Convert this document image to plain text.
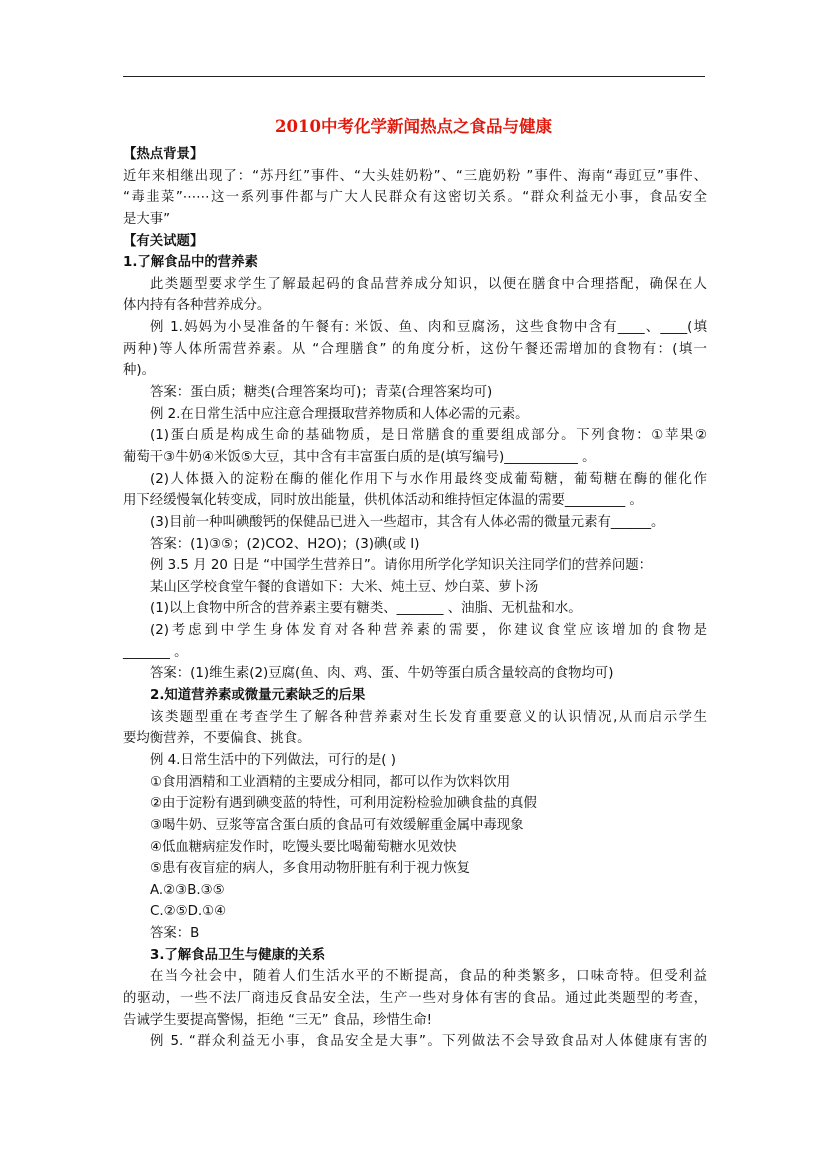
2010中考化学新闻热点之食品与健康
【热点背景】
近年来相继出现了：“苏丹红”事件、“大头娃奶粉”、“三鹿奶粉 ”事件、海南“毒豇豆”事件、
“毒韭菜”⋯⋯这一系列事件都与广大人民群众有这密切关系。“群众利益无小事，食品安全
是大事”
【有关试题】
1.了解食品中的营养素
此类题型要求学生了解最起码的食品营养成分知识，以便在膳食中合理搭配，确保在人
体内持有各种营养成分。
例 1.妈妈为小旻准备的午餐有: 米饭、鱼、肉和豆腐汤，这些食物中含有____、____(填
两种)等人体所需营养素。从 “合理膳食” 的角度分析，这份午餐还需增加的食物有：(填一
种)。
答案：蛋白质；糖类(合理答案均可)；青菜(合理答案均可)
例 2.在日常生活中应注意合理摄取营养物质和人体必需的元素。
(1)蛋白质是构成生命的基础物质，是日常膳食的重要组成部分。下列食物：①苹果②
葡萄干③牛奶④米饭⑤大豆，其中含有丰富蛋白质的是(填写编号)___________ 。
(2)人体摄入的淀粉在酶的催化作用下与水作用最终变成葡萄糖，葡萄糖在酶的催化作
用下经缓慢氧化转变成，同时放出能量，供机体活动和维持恒定体温的需要_________ 。
(3)目前一种叫碘酸钙的保健品已进入一些超市，其含有人体必需的微量元素有______。
答案：(1)③⑤；(2)CO2、H2O)；(3)碘(或 I)
例 3.5 月 20 日是 “中国学生营养日”。请你用所学化学知识关注同学们的营养问题：
某山区学校食堂午餐的食谱如下：大米、炖土豆、炒白菜、萝卜汤
(1)以上食物中所含的营养素主要有糖类、_______ 、油脂、无机盐和水。
(2)考虑到中学生身体发育对各种营养素的需要，你建议食堂应该增加的食物是
_______ 。
答案：(1)维生素(2)豆腐(鱼、肉、鸡、蛋、牛奶等蛋白质含量较高的食物均可)
2.知道营养素或微量元素缺乏的后果
该类题型重在考查学生了解各种营养素对生长发育重要意义的认识情况,从而启示学生
要均衡营养，不要偏食、挑食。
例 4.日常生活中的下列做法，可行的是( )
①食用酒精和工业酒精的主要成分相同，都可以作为饮料饮用
②由于淀粉有遇到碘变蓝的特性，可利用淀粉检验加碘食盐的真假
③喝牛奶、豆浆等富含蛋白质的食品可有效缓解重金属中毒现象
④低血糖病症发作时，吃馒头要比喝葡萄糖水见效快
⑤患有夜盲症的病人，多食用动物肝脏有利于视力恢复
A.②③B.③⑤
C.②⑤D.①④
答案：B
3.了解食品卫生与健康的关系
在当今社会中，随着人们生活水平的不断提高，食品的种类繁多，口味奇特。但受利益
的驱动，一些不法厂商违反食品安全法，生产一些对身体有害的食品。通过此类题型的考查，
告诫学生要提高警惕，拒绝 “三无” 食品，珍惜生命!
例 5. “群众利益无小事，食品安全是大事”。下列做法不会导致食品对人体健康有害的
